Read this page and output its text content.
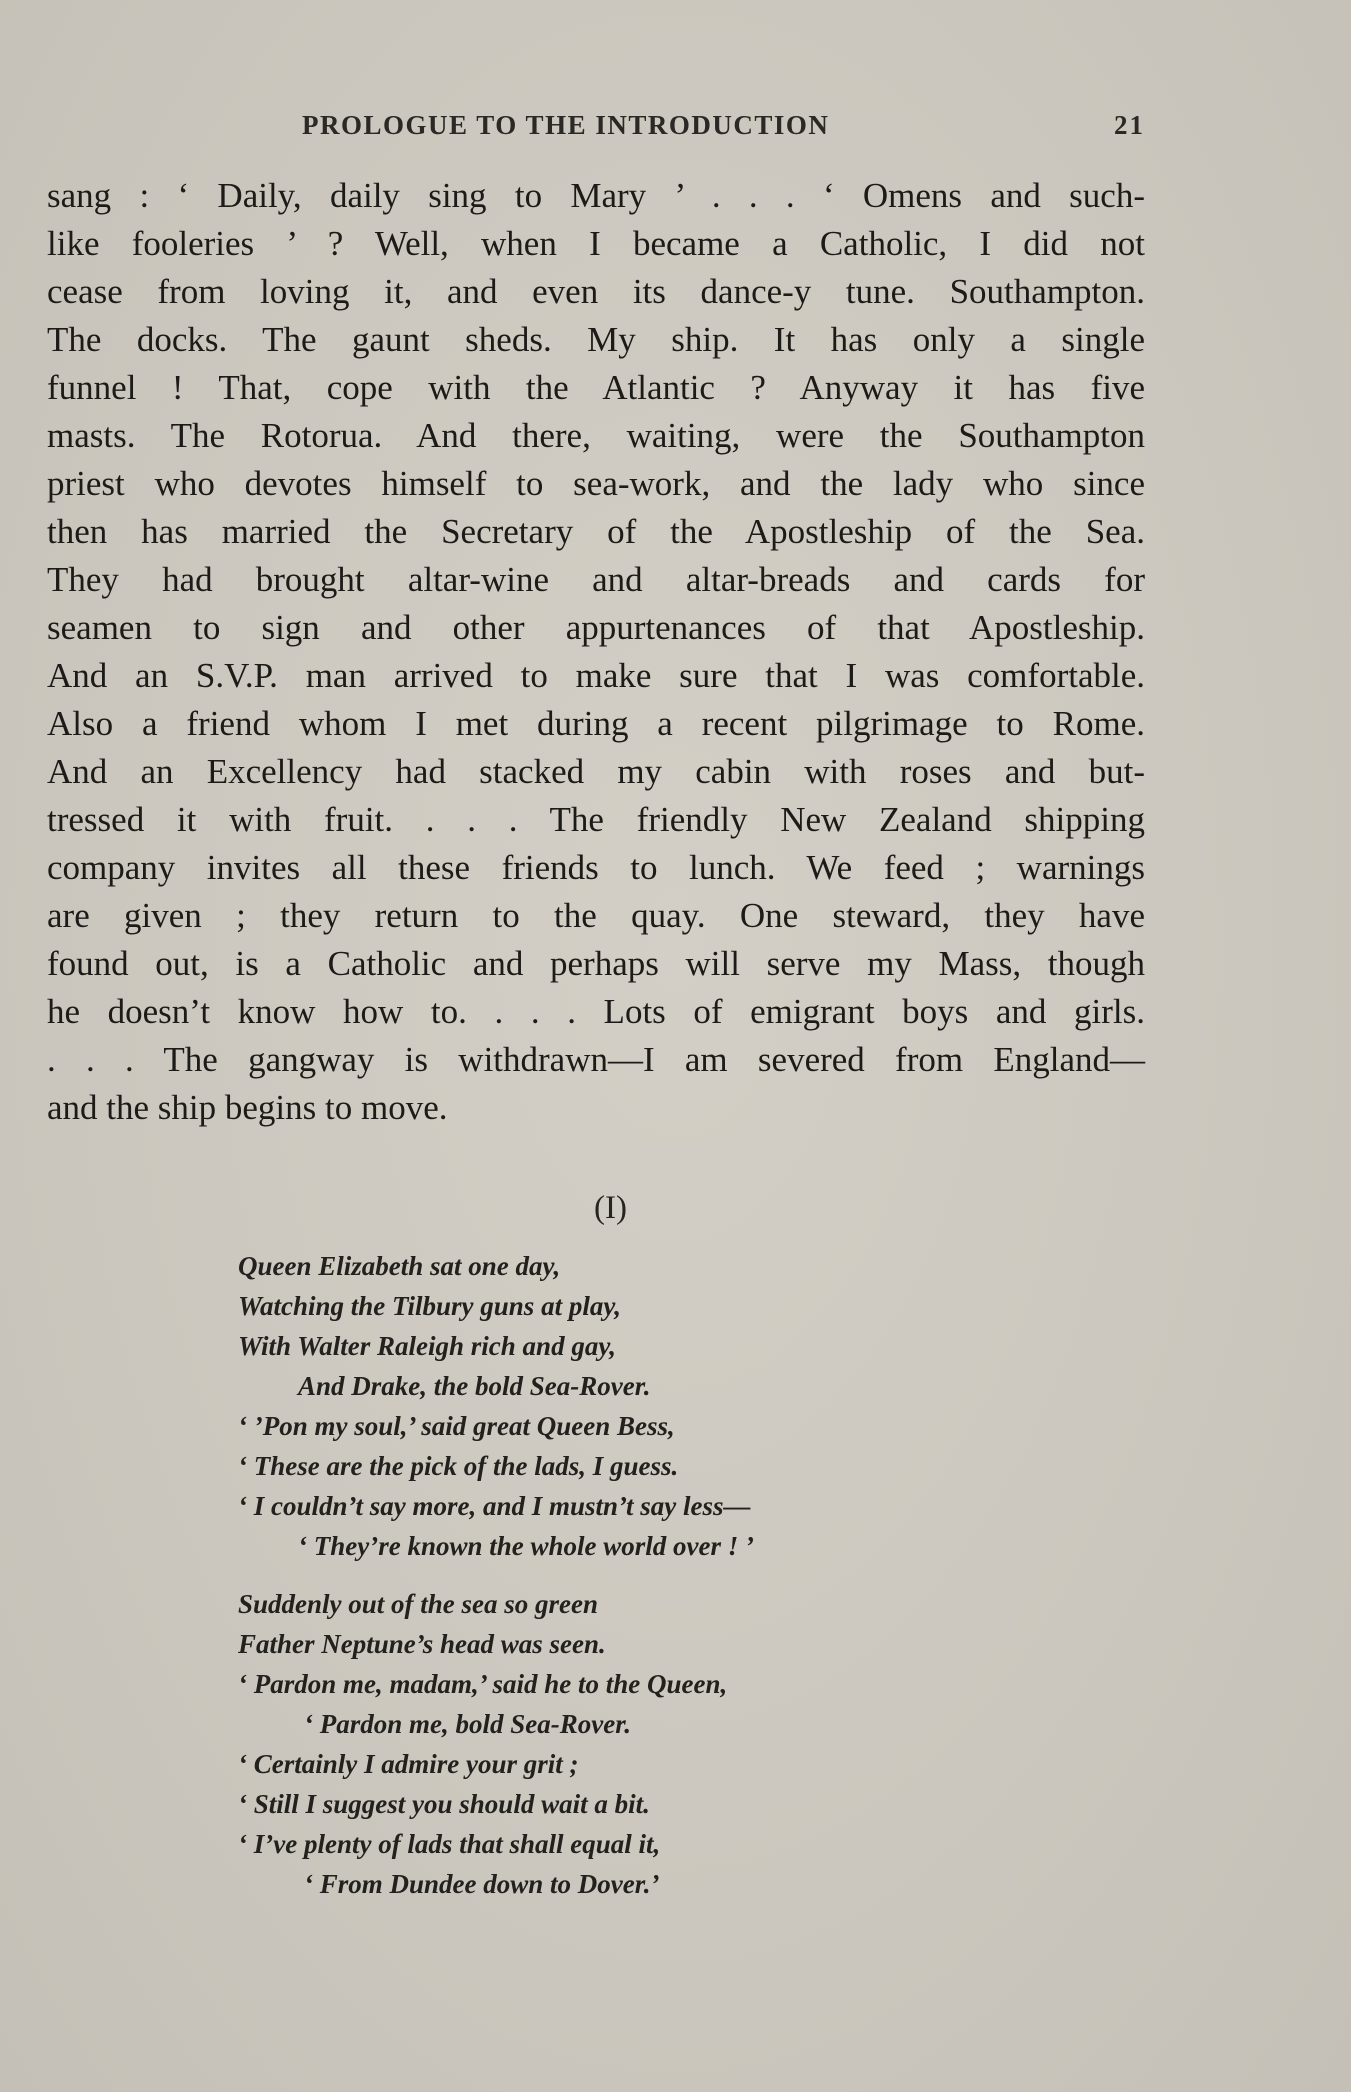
PROLOGUE TO THE INTRODUCTION	21
sang : ‘ Daily, daily sing to Mary ’ . . . ‘ Omens and such-
like fooleries ’ ? Well, when I became a Catholic, I did not
cease from loving it, and even its dance-y tune. Southampton.
The docks. The gaunt sheds. My ship. It has only a single
funnel ! That, cope with the Atlantic ? Anyway it has five
masts. The Rotorua. And there, waiting, were the Southampton
priest who devotes himself to sea-work, and the lady who since
then has married the Secretary of the Apostleship of the Sea.
They had brought altar-wine and altar-breads and cards for
seamen to sign and other appurtenances of that Apostleship.
And an S.V.P. man arrived to make sure that I was comfortable.
Also a friend whom I met during a recent pilgrimage to Rome.
And an Excellency had stacked my cabin with roses and but-
tressed it with fruit. . . . The friendly New Zealand shipping
company invites all these friends to lunch. We feed ; warnings
are given ; they return to the quay. One steward, they have
found out, is a Catholic and perhaps will serve my Mass, though
he doesn’t know how to. . . . Lots of emigrant boys and girls.
. . . The gangway is withdrawn—I am severed from England—
and the ship begins to move.
(I)
Queen Elizabeth sat one day,
Watching the Tilbury guns at play,
With Walter Raleigh rich and gay,
And Drake, the bold Sea-Rover.
‘ ’Pon my soul,’ said great Queen Bess,
‘ These are the pick of the lads, I guess.
‘ I couldn’t say more, and I mustn’t say less—
‘ They’re known the whole world over ! ’
Suddenly out of the sea so green
Father Neptune’s head was seen.
‘ Pardon me, madam,’ said he to the Queen,
‘ Pardon me, bold Sea-Rover.
‘ Certainly I admire your grit ;
‘ Still I suggest you should wait a bit.
‘ I’ve plenty of lads that shall equal it,
‘ From Dundee down to Dover.’
